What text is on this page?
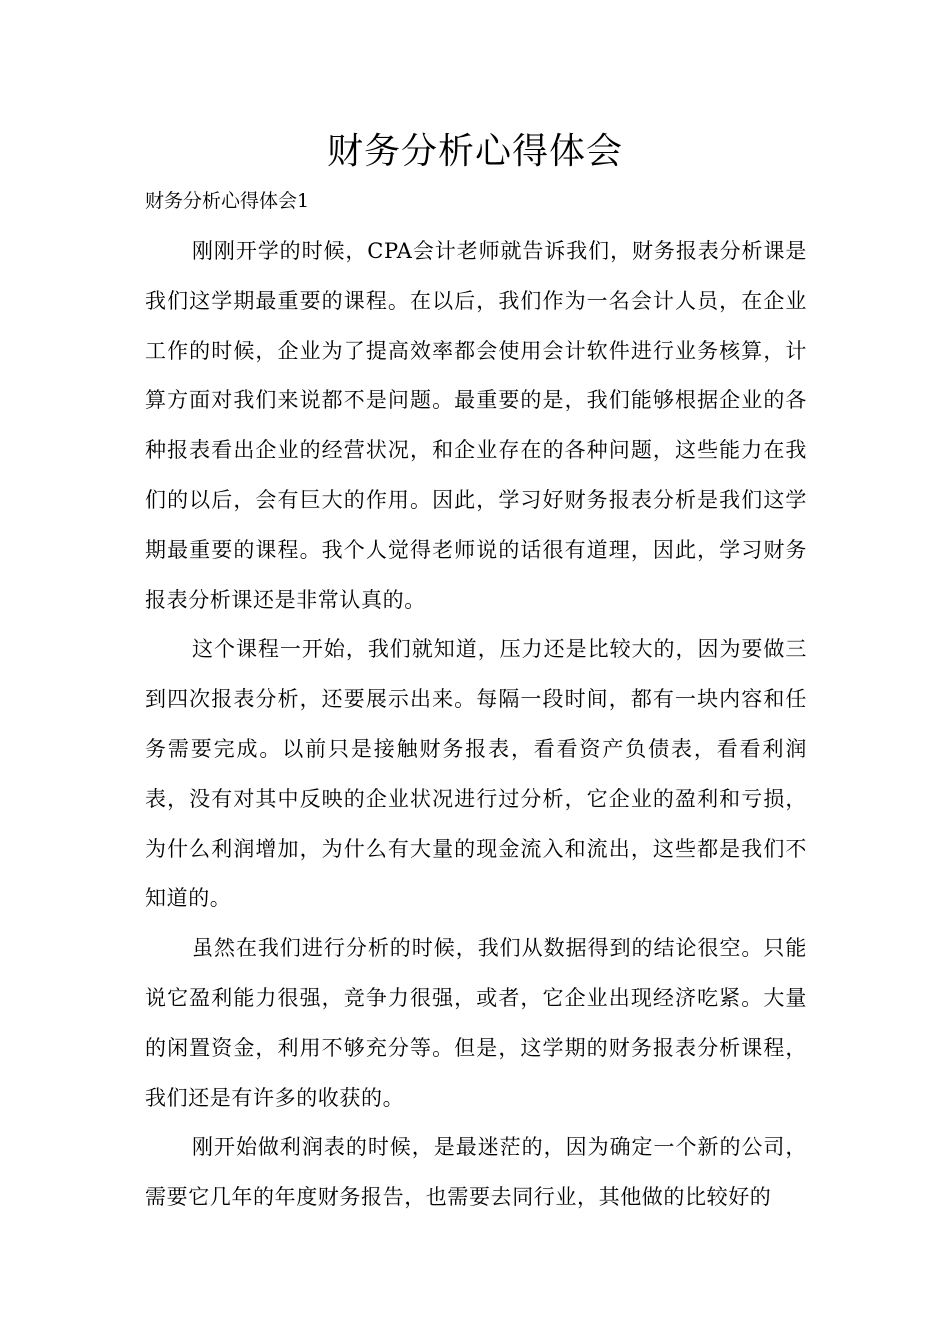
财务分析心得体会

财务分析心得体会1

刚刚开学的时候，CPA会计老师就告诉我们，财务报表分析课是我们这学期最重要的课程。在以后，我们作为一名会计人员，在企业工作的时候，企业为了提高效率都会使用会计软件进行业务核算，计算方面对我们来说都不是问题。最重要的是，我们能够根据企业的各种报表看出企业的经营状况，和企业存在的各种问题，这些能力在我们的以后，会有巨大的作用。因此，学习好财务报表分析是我们这学期最重要的课程。我个人觉得老师说的话很有道理，因此，学习财务报表分析课还是非常认真的。

这个课程一开始，我们就知道，压力还是比较大的，因为要做三到四次报表分析，还要展示出来。每隔一段时间，都有一块内容和任务需要完成。以前只是接触财务报表，看看资产负债表，看看利润表，没有对其中反映的企业状况进行过分析，它企业的盈利和亏损，为什么利润增加，为什么有大量的现金流入和流出，这些都是我们不知道的。

虽然在我们进行分析的时候，我们从数据得到的结论很空。只能说它盈利能力很强，竞争力很强，或者，它企业出现经济吃紧。大量的闲置资金，利用不够充分等。但是，这学期的财务报表分析课程，我们还是有许多的收获的。

刚开始做利润表的时候，是最迷茫的，因为确定一个新的公司，需要它几年的年度财务报告，也需要去同行业，其他做的比较好的
